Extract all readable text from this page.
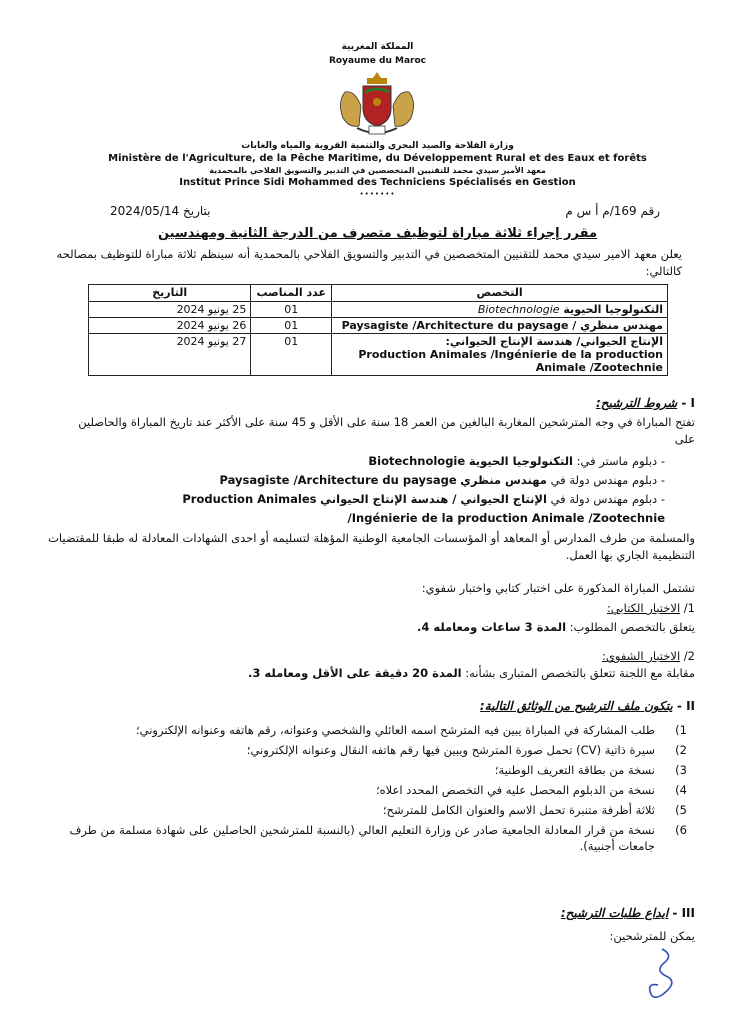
المملكة المغربية
Royaume du Maroc
وزارة الفلاحة والصيد البحري والتنمية القروية والمياه والغابات
Ministère de l'Agriculture, de la Pêche Maritime, du Développement Rural et des Eaux et forêts
معهد الأمير سيدي محمد للتقنيين المتخصصين في التدبير والتسويق الفلاحي بالمحمدية
Institut Prince Sidi Mohammed des Techniciens Spécialisés en Gestion
•••••••
رقم 169/م أ س م
بتاريخ 2024/05/14
مقرر إجراء ثلاثة مباراة لتوظيف متصرف من الدرجة الثانية ومهندسين
يعلن معهد الامير سيدي محمد للتقنيين المتخصصين في التدبير والتسويق الفلاحي بالمحمدية أنه سينظم ثلاثة مباراة للتوظيف بمصالحه كالتالي:
التخصص	عدد المناصب	التاريخ
التكنولوجيا الحيوية Biotechnologie	01	25 يونيو 2024
مهندس منظري / Paysagiste /Architecture du paysage	01	26 يونيو 2024

الإنتاج الحيواني/ هندسة الإنتاج الحيواني:
Production Animales /Ingénierie de la production Animale /Zootechnie	01	27 يونيو 2024
I - شروط الترشيح:
تفتح المباراة في وجه المترشحين المغاربة البالغين من العمر 18 سنة على الأقل و 45 سنة على الأكثر عند تاريخ المباراة والحاصلين على
- دبلوم ماستر في: التكنولوجيا الحيوية Biotechnologie
- دبلوم مهندس دولة في مهندس منظري Paysagiste /Architecture du paysage
- دبلوم مهندس دولة في الإنتاج الحيواني / هندسة الإنتاج الحيواني Production Animales
/Ingénierie de la production Animale /Zootechnie
والمسلمة من طرف المدارس أو المعاهد أو المؤسسات الجامعية الوطنية المؤهلة لتسليمه أو احدى الشهادات المعادلة له طبقا للمقتضيات التنظيمية الجاري بها العمل.
تشتمل المباراة المذكورة على اختبار كتابي واختبار شفوي:
1/ الاختبار الكتابي:
يتعلق بالتخصص المطلوب: المدة 3 ساعات ومعامله 4.
2/ الاختبار الشفوي:
مقابلة مع اللجنة تتعلق بالتخصص المتبارى بشأنه: المدة 20 دقيقة على الأقل ومعامله 3.
II - يتكون ملف الترشيح من الوثائق التالية:
1)
طلب المشاركة في المباراة يبين فيه المترشح اسمه العائلي والشخصي وعنوانه، رقم هاتفه وعنوانه الإلكتروني؛
2)
سيرة ذاتية (CV) تحمل صورة المترشح ويبين فيها رقم هاتفه النقال وعنوانه الإلكتروني؛
3)
نسخة من بطاقة التعريف الوطنية؛
4)
نسخة من الدبلوم المحصل عليه في التخصص المحدد اعلاه؛
5)
ثلاثة أظرفة متنبرة تحمل الاسم والعنوان الكامل للمترشح؛
6)
نسخة من قرار المعادلة الجامعية صادر عن وزارة التعليم العالي (بالنسبة للمترشحين الحاصلين على شهادة مسلمة من طرف جامعات أجنبية).
III - ايداع طلبات الترشيح:
يمكن للمترشحين:
